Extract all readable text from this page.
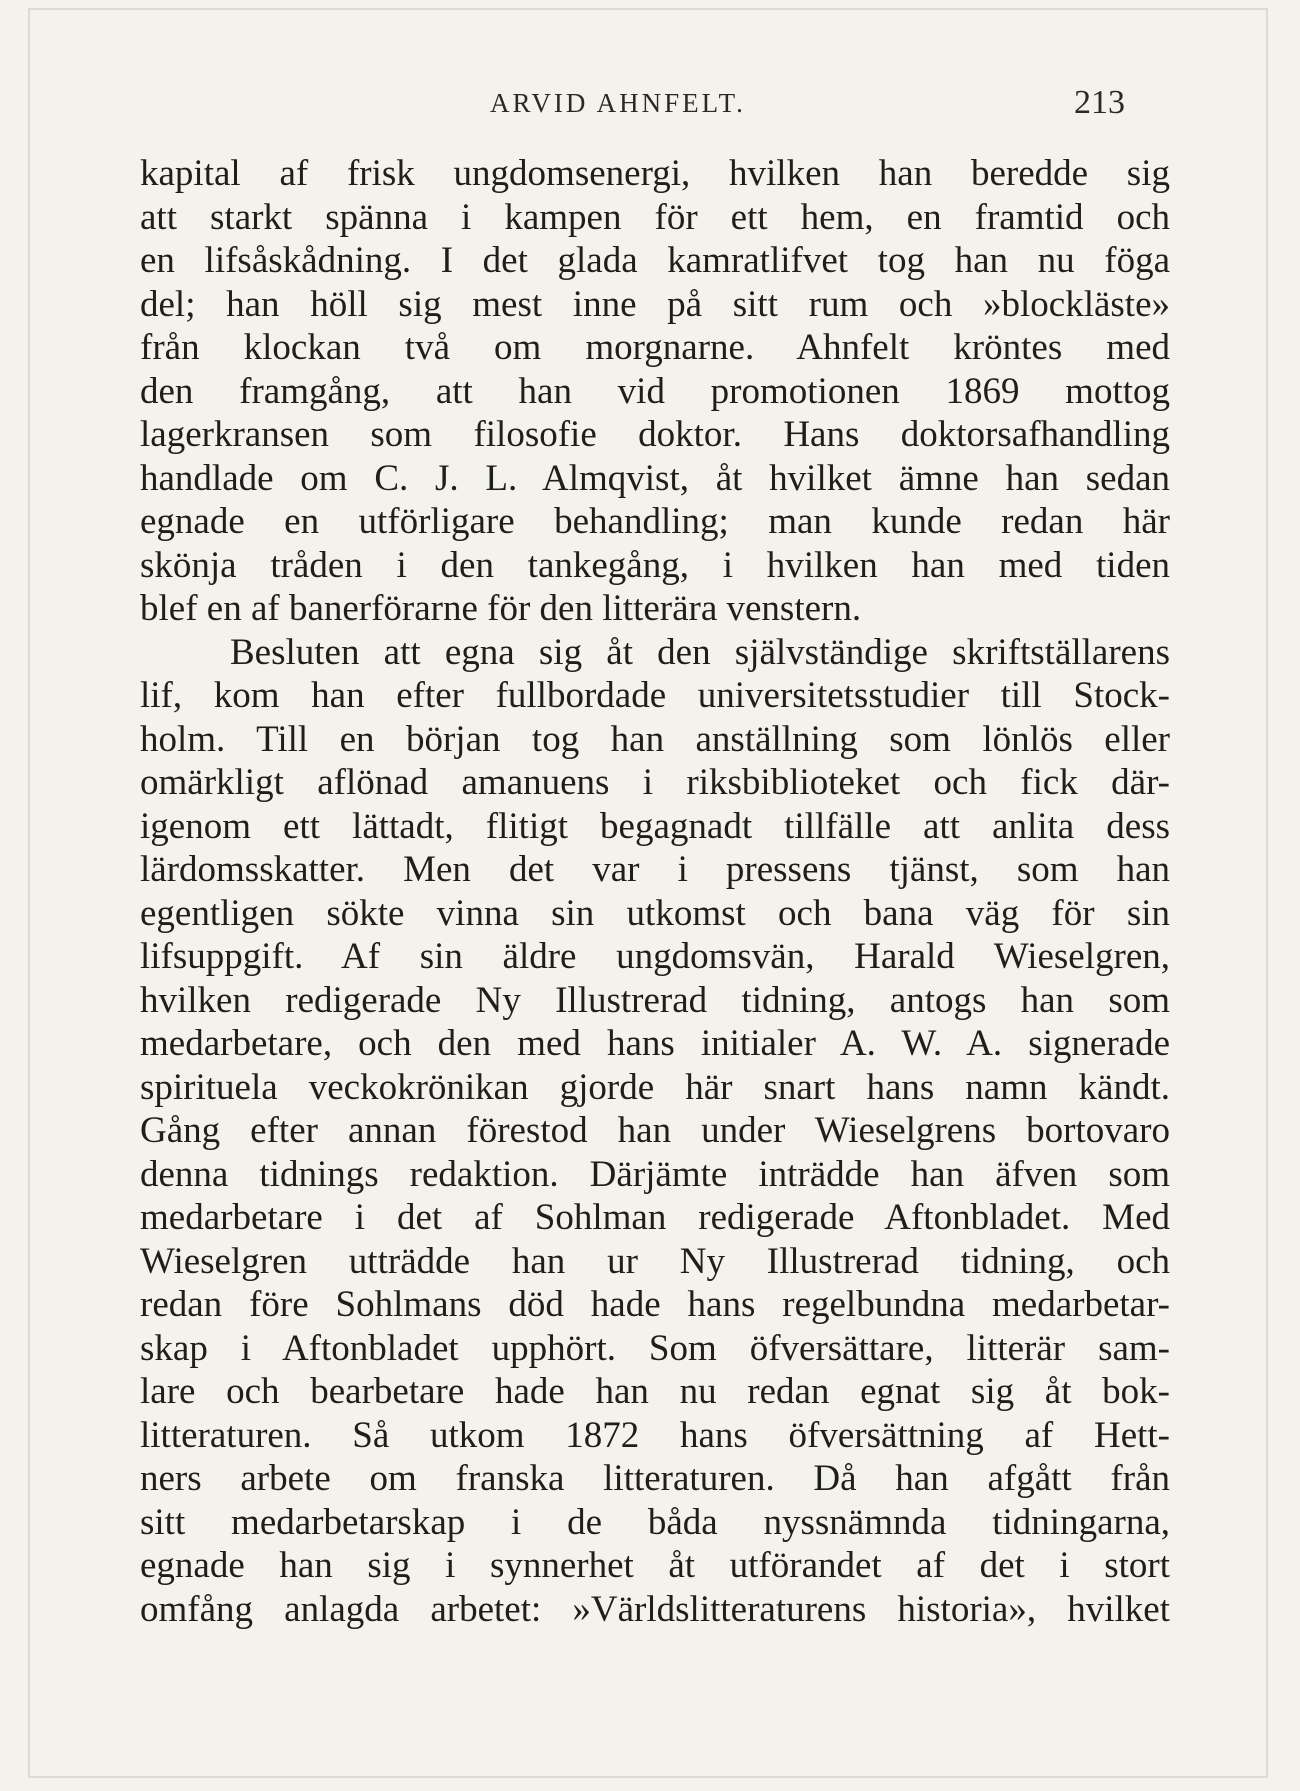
ARVID AHNFELT.	213
kapital af frisk ungdomsenergi, hvilken han beredde sig
att starkt spänna i kampen för ett hem, en framtid och
en lifsåskådning. I det glada kamratlifvet tog han nu föga
del; han höll sig mest inne på sitt rum och »blockläste»
från klockan två om morgnarne. Ahnfelt kröntes med
den framgång, att han vid promotionen 1869 mottog
lagerkransen som filosofie doktor. Hans doktorsafhandling
handlade om C. J. L. Almqvist, åt hvilket ämne han sedan
egnade en utförligare behandling; man kunde redan här
skönja tråden i den tankegång, i hvilken han med tiden
blef en af banerförarne för den litterära venstern.
Besluten att egna sig åt den självständige skriftställarens
lif, kom han efter fullbordade universitetsstudier till Stock-
holm. Till en början tog han anställning som lönlös eller
omärkligt aflönad amanuens i riksbiblioteket och fick där-
igenom ett lättadt, flitigt begagnadt tillfälle att anlita dess
lärdomsskatter. Men det var i pressens tjänst, som han
egentligen sökte vinna sin utkomst och bana väg för sin
lifsuppgift. Af sin äldre ungdomsvän, Harald Wieselgren,
hvilken redigerade Ny Illustrerad tidning, antogs han som
medarbetare, och den med hans initialer A. W. A. signerade
spirituela veckokrönikan gjorde här snart hans namn kändt.
Gång efter annan förestod han under Wieselgrens bortovaro
denna tidnings redaktion. Därjämte inträdde han äfven som
medarbetare i det af Sohlman redigerade Aftonbladet. Med
Wieselgren utträdde han ur Ny Illustrerad tidning, och
redan före Sohlmans död hade hans regelbundna medarbetar-
skap i Aftonbladet upphört. Som öfversättare, litterär sam-
lare och bearbetare hade han nu redan egnat sig åt bok-
litteraturen. Så utkom 1872 hans öfversättning af Hett-
ners arbete om franska litteraturen. Då han afgått från
sitt medarbetarskap i de båda nyssnämnda tidningarna,
egnade han sig i synnerhet åt utförandet af det i stort
omfång anlagda arbetet: »Världslitteraturens historia», hvilket
